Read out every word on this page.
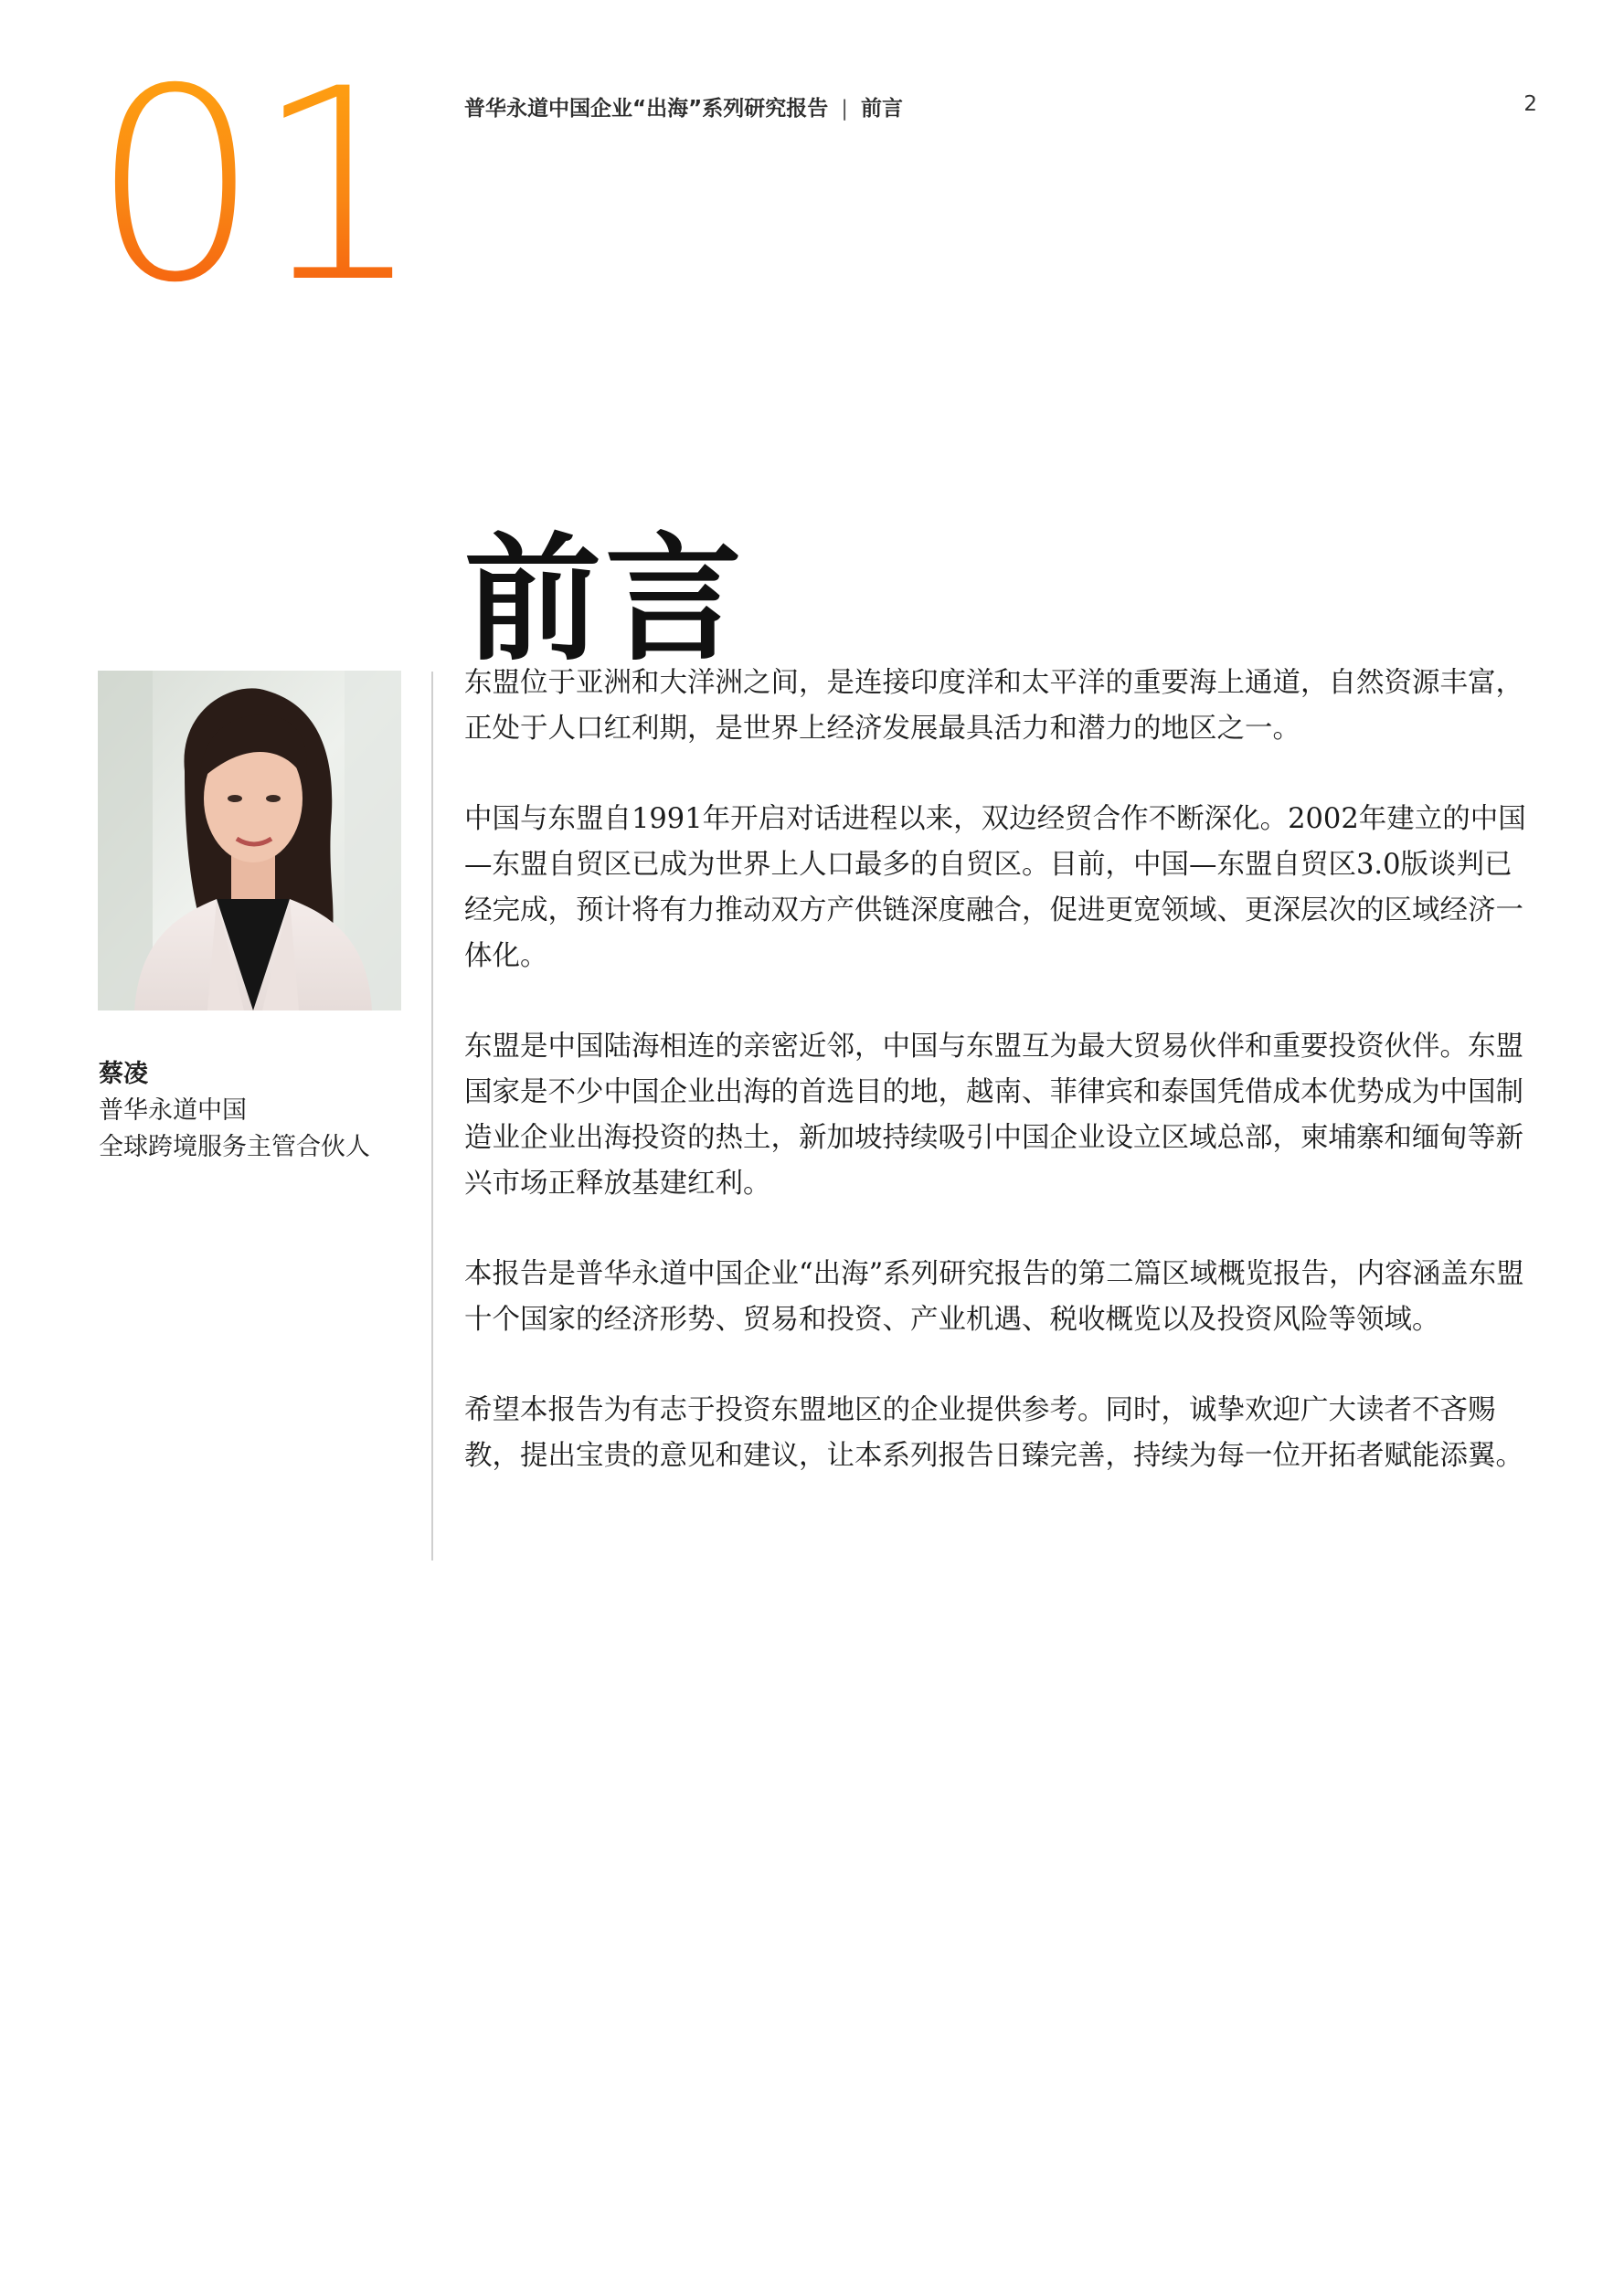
01 普华永道中国企业“出海”系列研究报告 | 前言	2
前言
蔡凌
普华永道中国
全球跨境服务主管合伙人

东盟位于亚洲和大洋洲之间，是连接印度洋和太平洋的重要海上通道，自然资源丰富，正处于人口红利期，是世界上经济发展最具活力和潜力的地区之一。

中国与东盟自1991年开启对话进程以来，双边经贸合作不断深化。2002年建立的中国—东盟自贸区已成为世界上人口最多的自贸区。目前，中国—东盟自贸区3.0版谈判已经完成，预计将有力推动双方产供链深度融合，促进更宽领域、更深层次的区域经济一体化。

东盟是中国陆海相连的亲密近邻，中国与东盟互为最大贸易伙伴和重要投资伙伴。东盟国家是不少中国企业出海的首选目的地，越南、菲律宾和泰国凭借成本优势成为中国制造业企业出海投资的热土，新加坡持续吸引中国企业设立区域总部，柬埔寨和缅甸等新兴市场正释放基建红利。

本报告是普华永道中国企业“出海”系列研究报告的第二篇区域概览报告，内容涵盖东盟十个国家的经济形势、贸易和投资、产业机遇、税收概览以及投资风险等领域。

希望本报告为有志于投资东盟地区的企业提供参考。同时，诚挚欢迎广大读者不吝赐教，提出宝贵的意见和建议，让本系列报告日臻完善，持续为每一位开拓者赋能添翼。
